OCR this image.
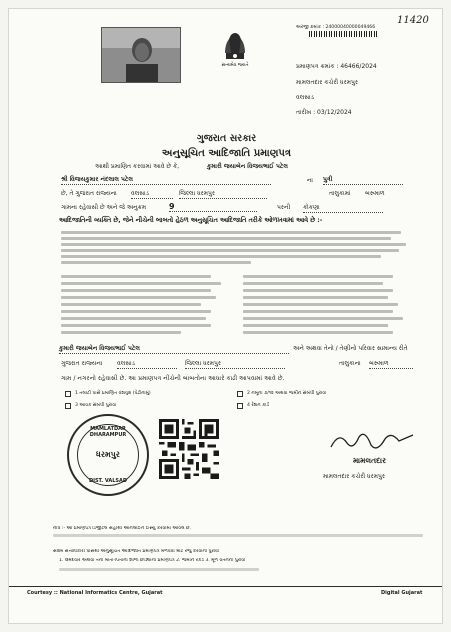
સત્યમેવ જયતે
11420
અરજી ક્રમાંક : 24000040000049466
પ્રમાણપત્ર ક્રમાંક : 46466/2024
મામલતદાર કચેરી ધરમપુર
વલસાડ
તારીખ : 03/12/2024
ગુજરાત સરકાર
અનુસૂચિત આદિજાતિ પ્રમાણપત્ર
આથી પ્રમાણિત કરવામાં આવે છે કે,	કુમારી જયાબેન વિજયભાઈ પટેલ
શ્રી વિજયકુમાર નંદલાલ પટેલ	ના પુત્રી
છે, તે ગુજરાત રાજ્યના વલસાડ	જિલ્લા ધરમપુર	તાલુકામાં બરુમાળ
ગામના રહેવાસી છે અને જે અનુક્રમ	9	પરની કોકણા
આદિજાતિની વ્યક્તિ છે, જેને નીચેની બાબતો હેઠળ અનુસૂચિત આદિજાતિ તરીકે ઓળખવામાં આવે છે :-
કુમારી જયાબેન વિજયભાઈ પટેલ	અને અથવા તેનો / તેણીનો પરિવાર સામાન્ય રીતે
ગુજરાત રાજ્યના વલસાડ	જિલ્લા ધરમપુર	તાલુકાના બરુમાળ
ગામ / નગરનો રહેવાસી છે. આ પ્રમાણપત્ર નીચેની બાબતોના આધારે કાઢી આપવામાં આવે છે.
1 તલાટી પાસે પ્રમાણિત વંશવૃક્ષ (પેઢીનામું)	2 નમૂના ૭/૧૨ અથવા જમીન સંબંધી પુરાવા
3 આવક સંબંધી પુરાવા	4 રેશન કાર્ડ
MAMLATDAR DHARAMPUR
ધરમપુર
DIST. VALSAD
મામલતદાર
મામલતદાર કચેરી ધરમપુર
નોંધ :- આ પ્રમાણપત્ર ડિજીટલ સહીથી ઓનલાઈન ઈસ્યુ કરવામાં આવેલ છે.
સક્ષમ સત્તાધિકારી પાસેથી અનુસૂચિત આદિજાતિ પ્રમાણપત્ર મેળવવા માટે રજુ કરવાના પુરાવા
1. ઉમેદવાર અથવા તેના માતા-પિતાના શાળા છોડ્યાના પ્રમાણપત્ર 2. જમીન રેકર્ડ 3. મૂળ વતનના પુરાવા
Courtesy :: National Informatics Centre, Gujarat	Digital Gujarat
